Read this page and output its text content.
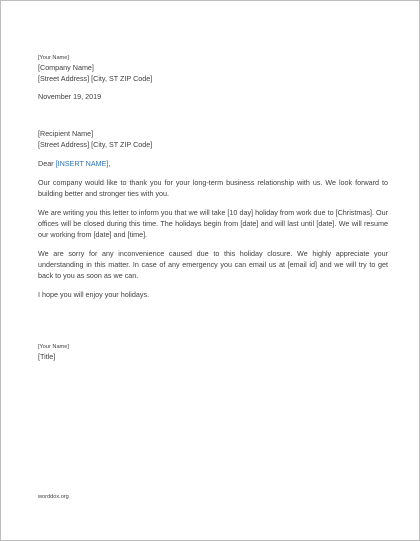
[Your Name]

[Company Name]

[Street Address] [City, ST ZIP Code]

November 19, 2019

[Recipient Name]

[Street Address] [City, ST ZIP Code]

Dear [INSERT NAME],

Our company would like to thank you for your long-term business relationship with us. We look forward to building better and stronger ties with you.

We are writing you this letter to inform you that we will take [10 day] holiday from work due to [Christmas]. Our offices will be closed during this time. The holidays begin from [date] and will last until [date]. We will resume our working from [date] and [time].

We are sorry for any inconvenience caused due to this holiday closure. We highly appreciate your understanding in this matter. In case of any emergency you can email us at [email id] and we will try to get back to you as soon as we can.

I hope you will enjoy your holidays.

[Your Name]

[Title]

worddox.org
